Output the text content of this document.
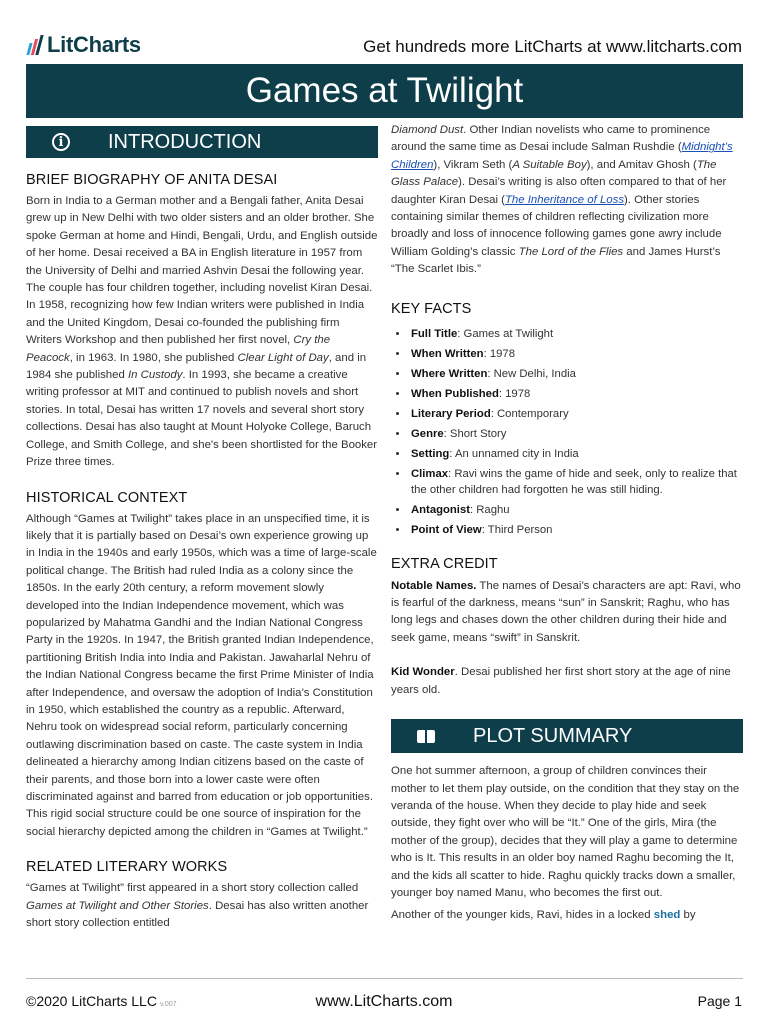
LitCharts	Get hundreds more LitCharts at www.litcharts.com
Games at Twilight
i	INTRODUCTION
BRIEF BIOGRAPHY OF ANITA DESAI

Born in India to a German mother and a Bengali father, Anita Desai grew up in New Delhi with two older sisters and an older brother. She spoke German at home and Hindi, Bengali, Urdu, and English outside of her home. Desai received a BA in English literature in 1957 from the University of Delhi and married Ashvin Desai the following year. The couple has four children together, including novelist Kiran Desai. In 1958, recognizing how few Indian writers were published in India and the United Kingdom, Desai co-founded the publishing firm Writers Workshop and then published her first novel, Cry the Peacock, in 1963. In 1980, she published Clear Light of Day, and in 1984 she published In Custody. In 1993, she became a creative writing professor at MIT and continued to publish novels and short stories. In total, Desai has written 17 novels and several short story collections. Desai has also taught at Mount Holyoke College, Baruch College, and Smith College, and she's been shortlisted for the Booker Prize three times.

HISTORICAL CONTEXT

Although “Games at Twilight” takes place in an unspecified time, it is likely that it is partially based on Desai’s own experience growing up in India in the 1940s and early 1950s, which was a time of large-scale political change. The British had ruled India as a colony since the 1850s. In the early 20th century, a reform movement slowly developed into the Indian Independence movement, which was popularized by Mahatma Gandhi and the Indian National Congress Party in the 1920s. In 1947, the British granted Indian Independence, partitioning British India into India and Pakistan. Jawaharlal Nehru of the Indian National Congress became the first Prime Minister of India after Independence, and oversaw the adoption of India’s Constitution in 1950, which established the country as a republic. Afterward, Nehru took on widespread social reform, particularly concerning outlawing discrimination based on caste. The caste system in India delineated a hierarchy among Indian citizens based on the caste of their parents, and those born into a lower caste were often discriminated against and barred from education or job opportunities. This rigid social structure could be one source of inspiration for the social hierarchy depicted among the children in “Games at Twilight.”

RELATED LITERARY WORKS

“Games at Twilight” first appeared in a short story collection called Games at Twilight and Other Stories. Desai has also written another short story collection entitled

Diamond Dust. Other Indian novelists who came to prominence around the same time as Desai include Salman Rushdie (Midnight’s Children), Vikram Seth (A Suitable Boy), and Amitav Ghosh (The Glass Palace). Desai’s writing is also often compared to that of her daughter Kiran Desai (The Inheritance of Loss). Other stories containing similar themes of children reflecting civilization more broadly and loss of innocence following games gone awry include William Golding’s classic The Lord of the Flies and James Hurst’s “The Scarlet Ibis.”

KEY FACTS
• Full Title: Games at Twilight
• When Written: 1978
• Where Written: New Delhi, India
• When Published: 1978
• Literary Period: Contemporary
• Genre: Short Story
• Setting: An unnamed city in India
• Climax: Ravi wins the game of hide and seek, only to realize that the other children had forgotten he was still hiding.
• Antagonist: Raghu
• Point of View: Third Person
EXTRA CREDIT

Notable Names. The names of Desai’s characters are apt: Ravi, who is fearful of the darkness, means “sun” in Sanskrit; Raghu, who has long legs and chases down the other children during their hide and seek game, means “swift” in Sanskrit.

Kid Wonder. Desai published her first short story at the age of nine years old.

PLOT SUMMARY

One hot summer afternoon, a group of children convinces their mother to let them play outside, on the condition that they stay on the veranda of the house. When they decide to play hide and seek outside, they fight over who will be “It.” One of the girls, Mira (the mother of the group), decides that they will play a game to determine who is It. This results in an older boy named Raghu becoming the It, and the kids all scatter to hide. Raghu quickly tracks down a smaller, younger boy named Manu, who becomes the first out.

Another of the younger kids, Ravi, hides in a locked shed by

©2020 LitCharts LLC v.007	www.LitCharts.com	Page 1
